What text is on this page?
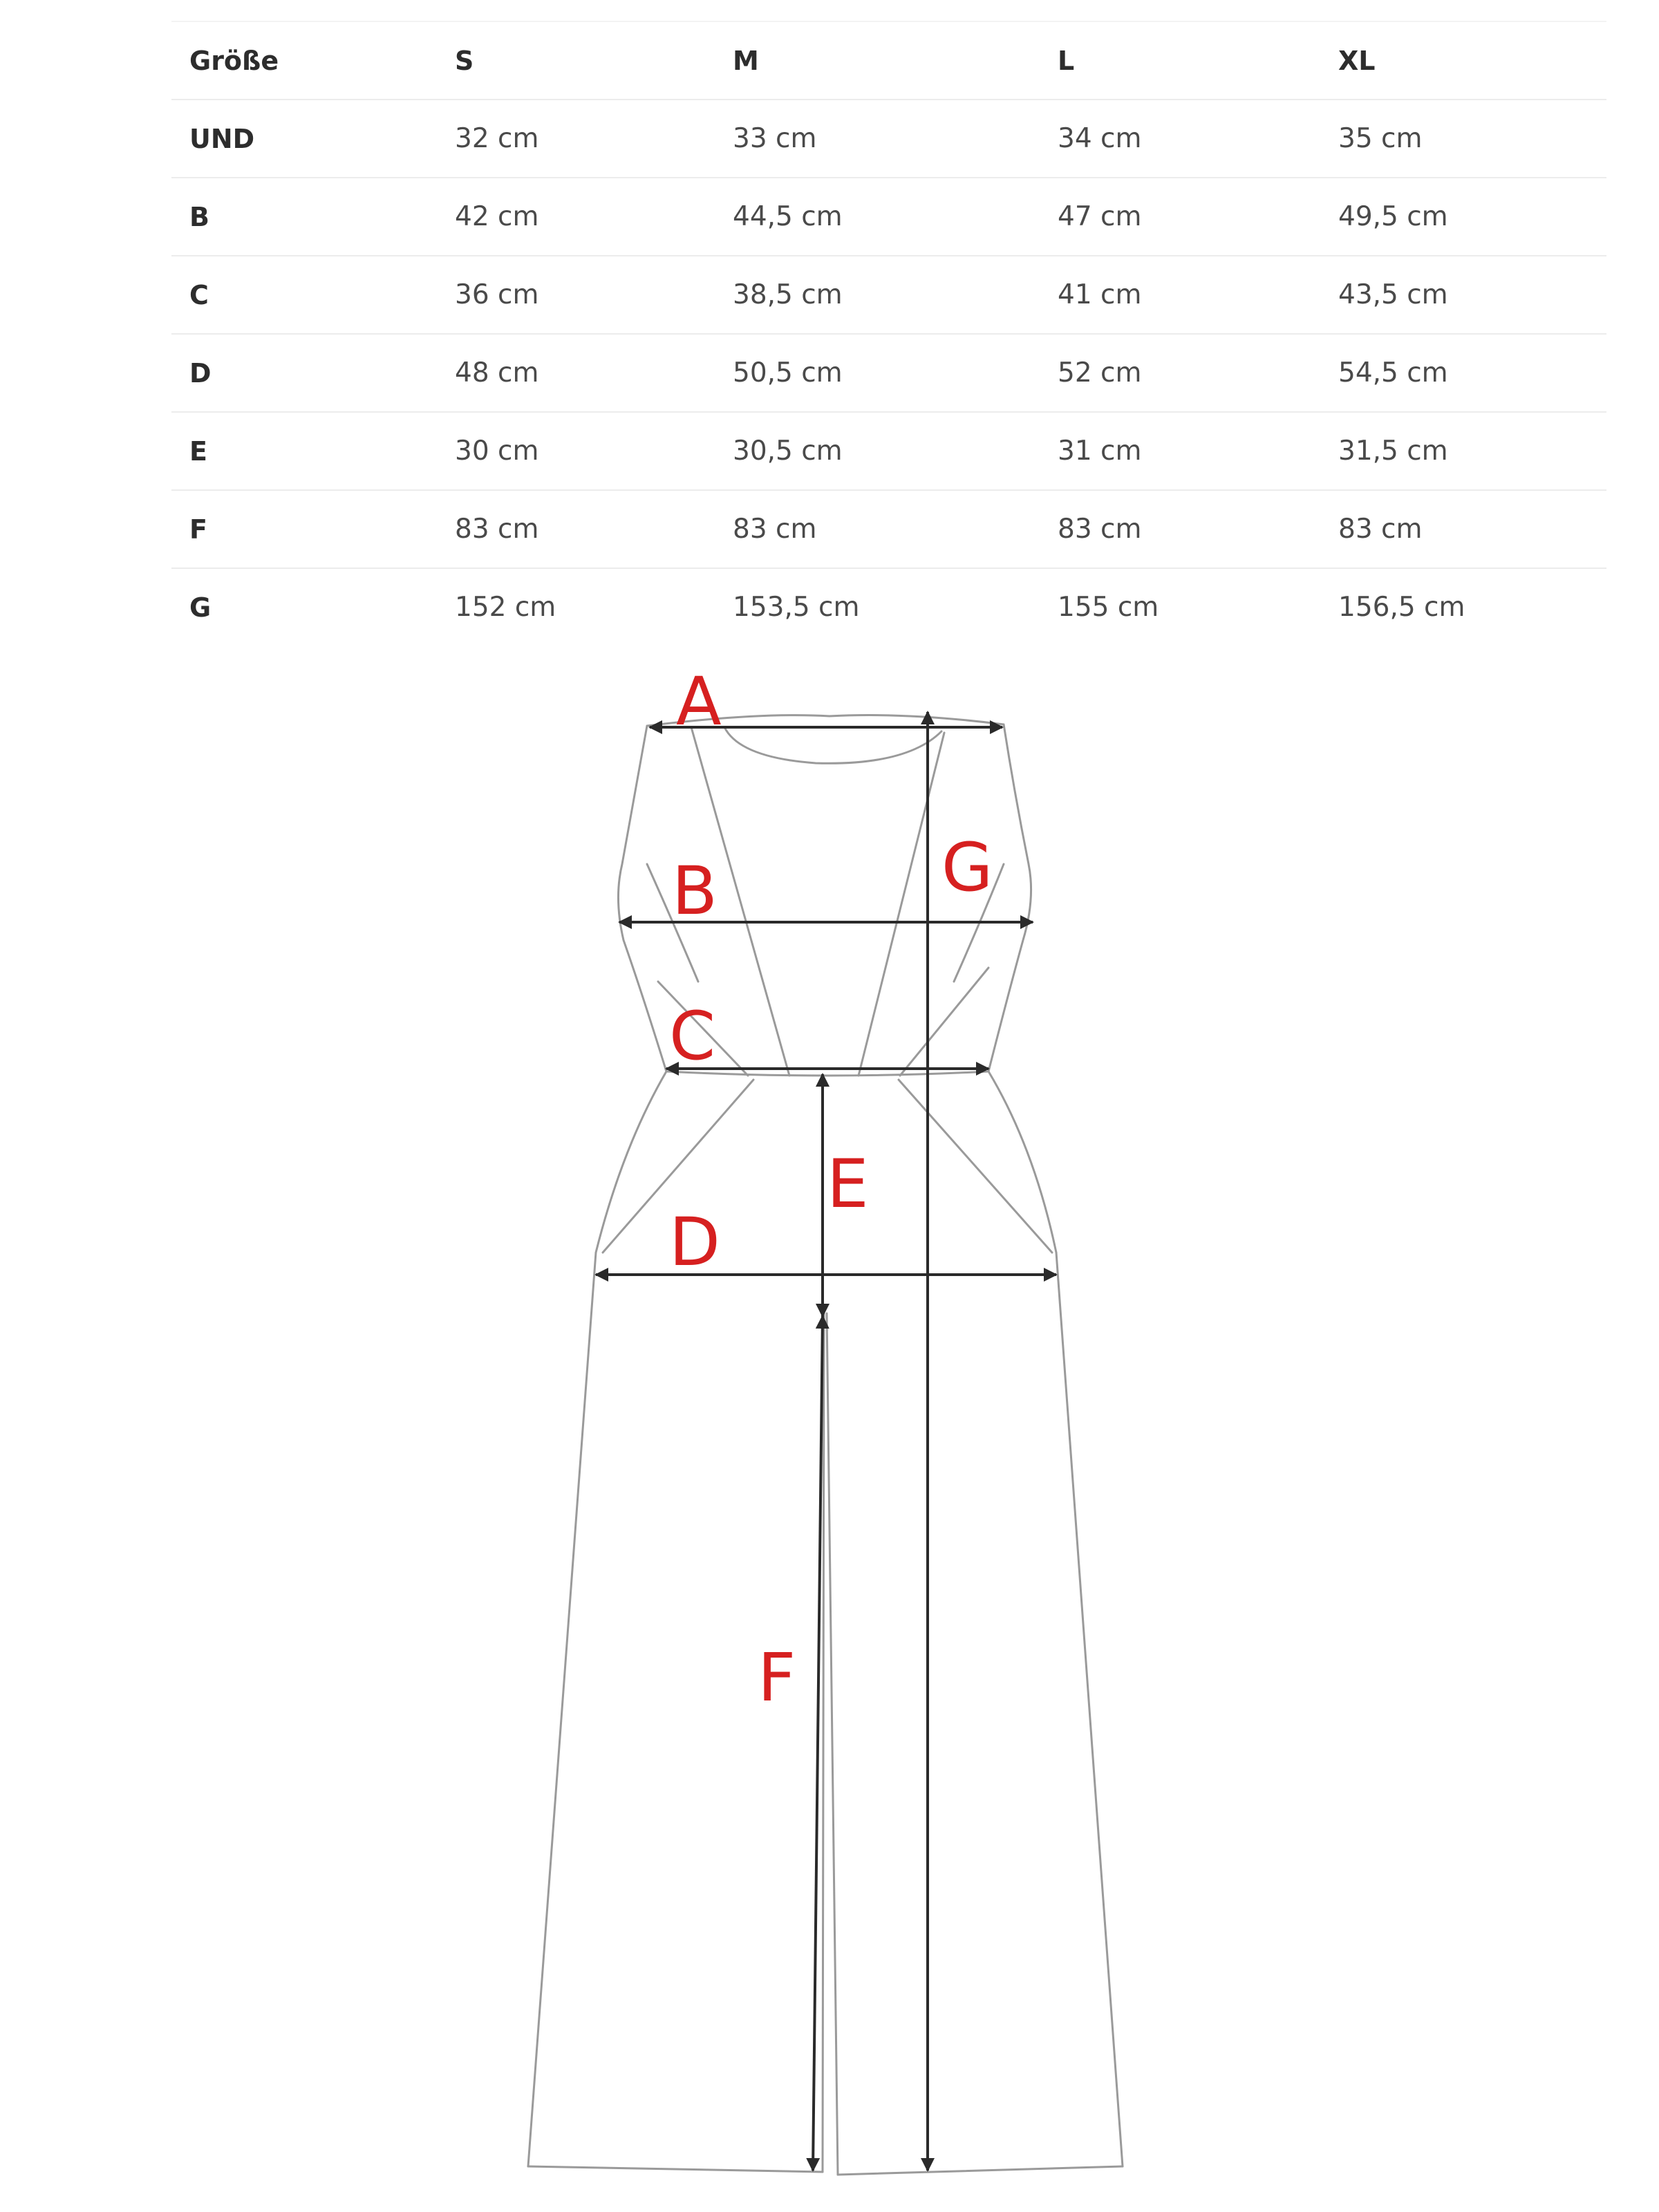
Größe	S	M	L	XL
UND	32 cm	33 cm	34 cm	35 cm
B	42 cm	44,5 cm	47 cm	49,5 cm
C	36 cm	38,5 cm	41 cm	43,5 cm
D	48 cm	50,5 cm	52 cm	54,5 cm
E	30 cm	30,5 cm	31 cm	31,5 cm
F	83 cm	83 cm	83 cm	83 cm
G	152 cm	153,5 cm	155 cm	156,5 cm
A
B
C
D
E
F
G
